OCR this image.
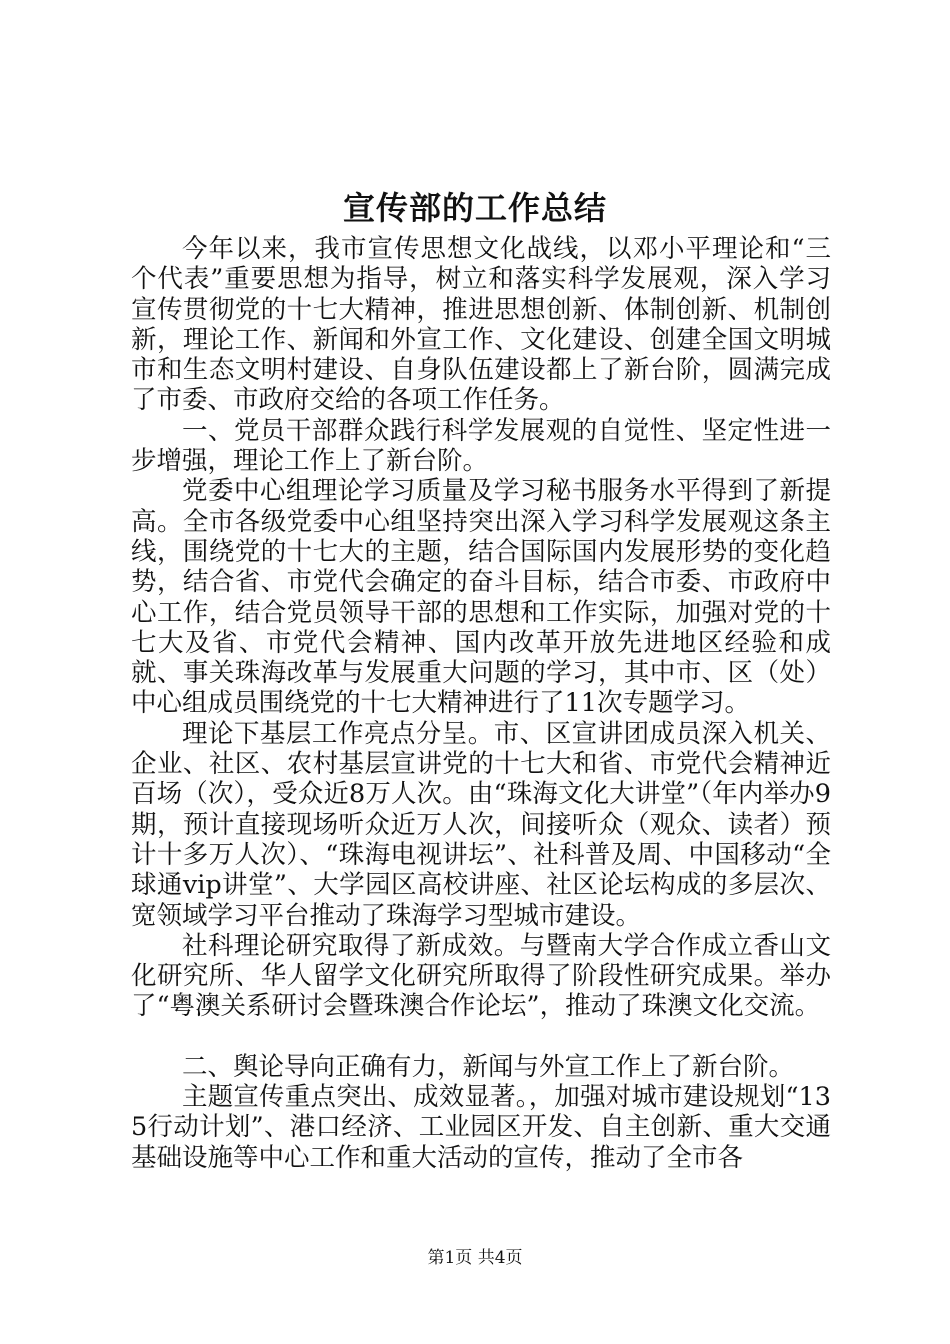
宣传部的工作总结

今年以来，我市宣传思想文化战线，以邓小平理论和“三个代表”重要思想为指导，树立和落实科学发展观，深入学习宣传贯彻党的十七大精神，推进思想创新、体制创新、机制创新，理论工作、新闻和外宣工作、文化建设、创建全国文明城市和生态文明村建设、自身队伍建设都上了新台阶，圆满完成了市委、市政府交给的各项工作任务。

一、党员干部群众践行科学发展观的自觉性、坚定性进一步增强，理论工作上了新台阶。

党委中心组理论学习质量及学习秘书服务水平得到了新提高。全市各级党委中心组坚持突出深入学习科学发展观这条主线，围绕党的十七大的主题，结合国际国内发展形势的变化趋势，结合省、市党代会确定的奋斗目标，结合市委、市政府中心工作，结合党员领导干部的思想和工作实际，加强对党的十七大及省、市党代会精神、国内改革开放先进地区经验和成就、事关珠海改革与发展重大问题的学习，其中市、区（处）中心组成员围绕党的十七大精神进行了11次专题学习。

理论下基层工作亮点分呈。市、区宣讲团成员深入机关、企业、社区、农村基层宣讲党的十七大和省、市党代会精神近百场（次），受众近8万人次。由“珠海文化大讲堂”（年内举办9期，预计直接现场听众近万人次，间接听众（观众、读者）预计十多万人次）、“珠海电视讲坛”、社科普及周、中国移动“全球通vip讲堂”、大学园区高校讲座、社区论坛构成的多层次、宽领域学习平台推动了珠海学习型城市建设。

社科理论研究取得了新成效。与暨南大学合作成立香山文化研究所、华人留学文化研究所取得了阶段性研究成果。举办了“粤澳关系研讨会暨珠澳合作论坛”，推动了珠澳文化交流。

二、舆论导向正确有力，新闻与外宣工作上了新台阶。

主题宣传重点突出、成效显著。，加强对城市建设规划“135行动计划”、港口经济、工业园区开发、自主创新、重大交通基础设施等中心工作和重大活动的宣传，推动了全市各

第1页 共4页
